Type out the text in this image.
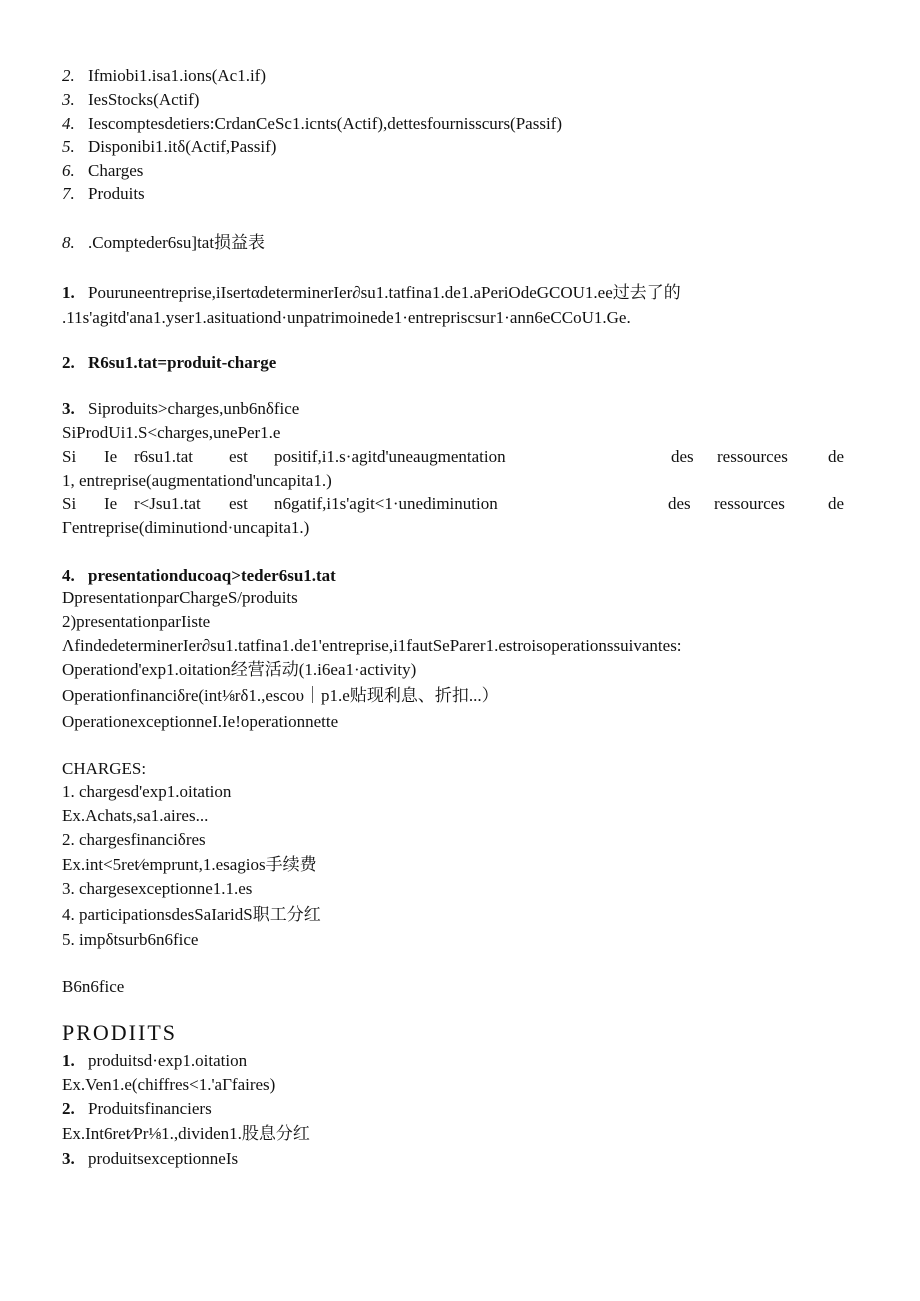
2. Ifmiobi1.isa1.ions(Ac1.if)
3. IesStocks(Actif)
4. Iescomptesdetiers:CrdanCeSc1.icnts(Actif),dettesfournisscurs(Passif)
5. Disponibi1.itδ(Actif,Passif)
6. Charges
7. Produits
8. .Compteder6su]tat损益表
1. Pouruneentreprise,iIsertαdeterminerIer∂su1.tatfina1.de1.aPeriOdeGCOU1.ee过去了的
.11s'agitd'ana1.yser1.asituationd·unpatrimoinede1·entrepriscsur1·ann6eCCoU1.Ge.
2. R6su1.tat=produit-charge
3. Siproduits>charges,unb6nδfice
SiProdUi1.S<charges,unePer1.e
Si Ie r6su1.tat est positif,i1.s·agitd'uneaugmentation	des ressources de
1, entreprise(augmentationd'uncapita1.)
Si Ie r<Jsu1.tat est n6gatif,i1s'agit<1·unediminution	des ressources	de
Γentreprise(diminutiond·uncapita1.)
4. presentationducoaq>teder6su1.tat
DpresentationparChargeS/produits
2)presentationparIiste
ΛfindedeterminerIer∂su1.tatfina1.de1'entreprise,i1fautSeParer1.estroisoperationssuivantes:
Operationd'exp1.oitation经营活动(1.i6ea1·activity)
Operationfinanciδre(int⅛rδ1.,escoυ｜p1.e贴现利息、折扣...）
OperationexceptionneI.Ie!operationnette
CHARGES:
1. chargesd'exp1.oitation
Ex.Achats,sa1.aires...
2. chargesfinanciδres
Ex.int<5ret∕emprunt,1.esagios手续费
3. chargesexceptionne1.1.es
4. participationsdesSaIaridS职工分红
5. impδtsurb6n6fice
B6n6fice
PRODIITS
1. produitsd·exp1.oitation
Ex.Ven1.e(chiffres<1.'aΓfaires)
2. Produitsfinanciers
Ex.Int6ret∕Pr⅛1.,dividen1.股息分红
3. produitsexceptionneIs
